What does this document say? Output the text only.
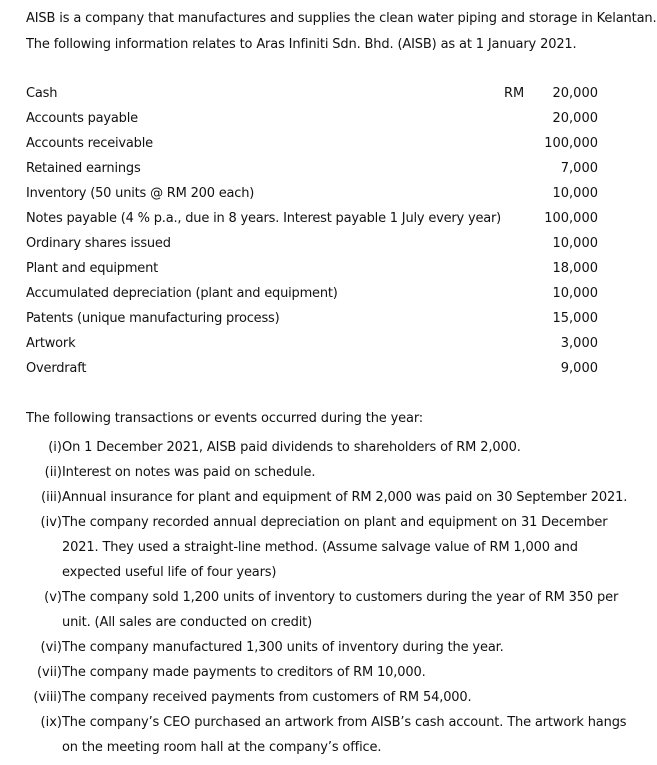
AISB is a company that manufactures and supplies the clean water piping and storage in Kelantan.
The following information relates to Aras Infiniti Sdn. Bhd. (AISB) as at 1 January 2021.
Cash	RM 20,000
Accounts payable	20,000
Accounts receivable	100,000
Retained earnings	7,000
Inventory (50 units @ RM 200 each)	10,000
Notes payable (4 % p.a., due in 8 years. Interest payable 1 July every year)	100,000
Ordinary shares issued	10,000
Plant and equipment	18,000
Accumulated depreciation (plant and equipment)	10,000
Patents (unique manufacturing process)	15,000
Artwork	3,000
Overdraft	9,000
The following transactions or events occurred during the year:
(i) On 1 December 2021, AISB paid dividends to shareholders of RM 2,000.
(ii) Interest on notes was paid on schedule.
(iii) Annual insurance for plant and equipment of RM 2,000 was paid on 30 September 2021.
(iv) The company recorded annual depreciation on plant and equipment on 31 December 2021. They used a straight-line method. (Assume salvage value of RM 1,000 and expected useful life of four years)
(v) The company sold 1,200 units of inventory to customers during the year of RM 350 per unit. (All sales are conducted on credit)
(vi) The company manufactured 1,300 units of inventory during the year.
(vii) The company made payments to creditors of RM 10,000.
(viii) The company received payments from customers of RM 54,000.
(ix) The company’s CEO purchased an artwork from AISB’s cash account. The artwork hangs on the meeting room hall at the company’s office.
